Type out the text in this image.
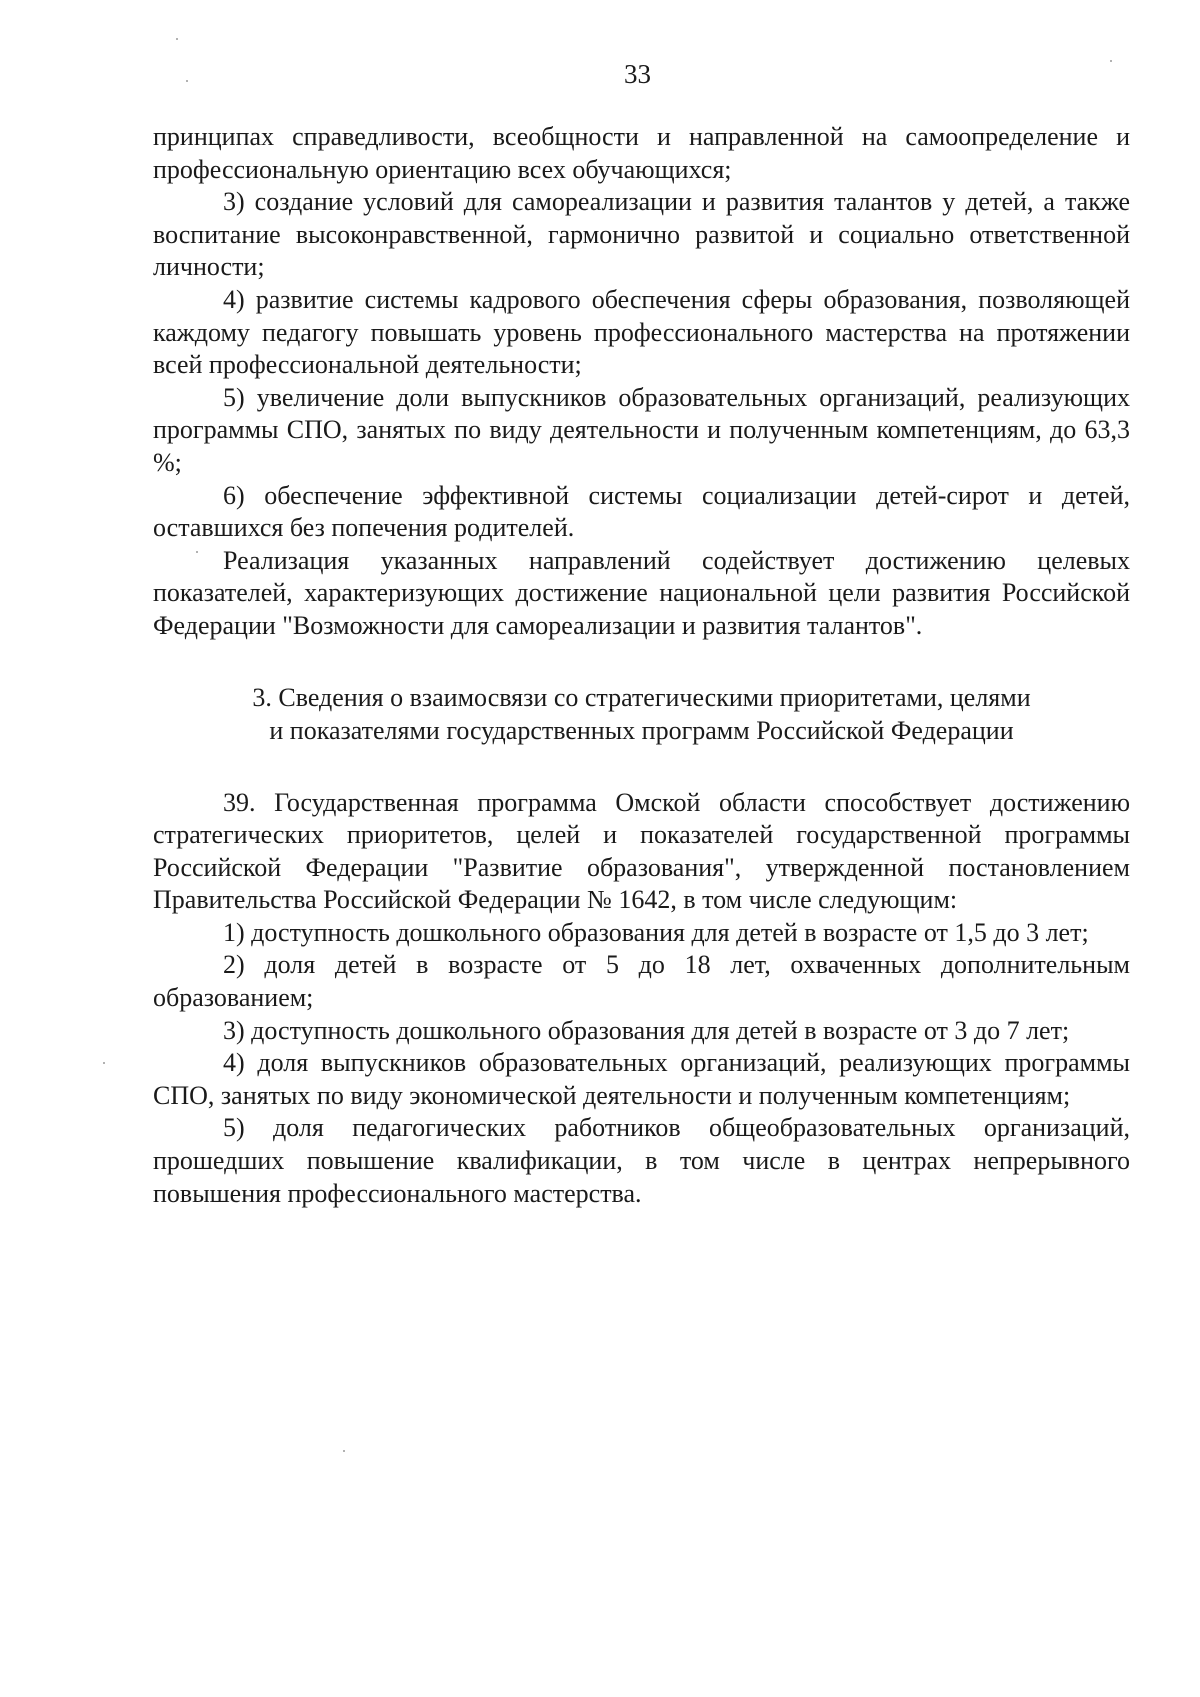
33

принципах справедливости, всеобщности и направленной на самоопределение и профессиональную ориентацию всех обучающихся;

3) создание условий для самореализации и развития талантов у детей, а также воспитание высоконравственной, гармонично развитой и социально ответственной личности;

4) развитие системы кадрового обеспечения сферы образования, позволяющей каждому педагогу повышать уровень профессионального мастерства на протяжении всей профессиональной деятельности;

5) увеличение доли выпускников образовательных организаций, реализующих программы СПО, занятых по виду деятельности и полученным компетенциям, до 63,3 %;

6) обеспечение эффективной системы социализации детей-сирот и детей, оставшихся без попечения родителей.

Реализация указанных направлений содействует достижению целевых показателей, характеризующих достижение национальной цели развития Российской Федерации "Возможности для самореализации и развития талантов".

3. Сведения о взаимосвязи со стратегическими приоритетами, целями
и показателями государственных программ Российской Федерации

39. Государственная программа Омской области способствует достижению стратегических приоритетов, целей и показателей государственной программы Российской Федерации "Развитие образования", утвержденной постановлением Правительства Российской Федерации № 1642, в том числе следующим:

1) доступность дошкольного образования для детей в возрасте от 1,5 до 3 лет;

2) доля детей в возрасте от 5 до 18 лет, охваченных дополнительным образованием;

3) доступность дошкольного образования для детей в возрасте от 3 до 7 лет;

4) доля выпускников образовательных организаций, реализующих программы СПО, занятых по виду экономической деятельности и полученным компетенциям;

5) доля педагогических работников общеобразовательных организаций, прошедших повышение квалификации, в том числе в центрах непрерывного повышения профессионального мастерства.
